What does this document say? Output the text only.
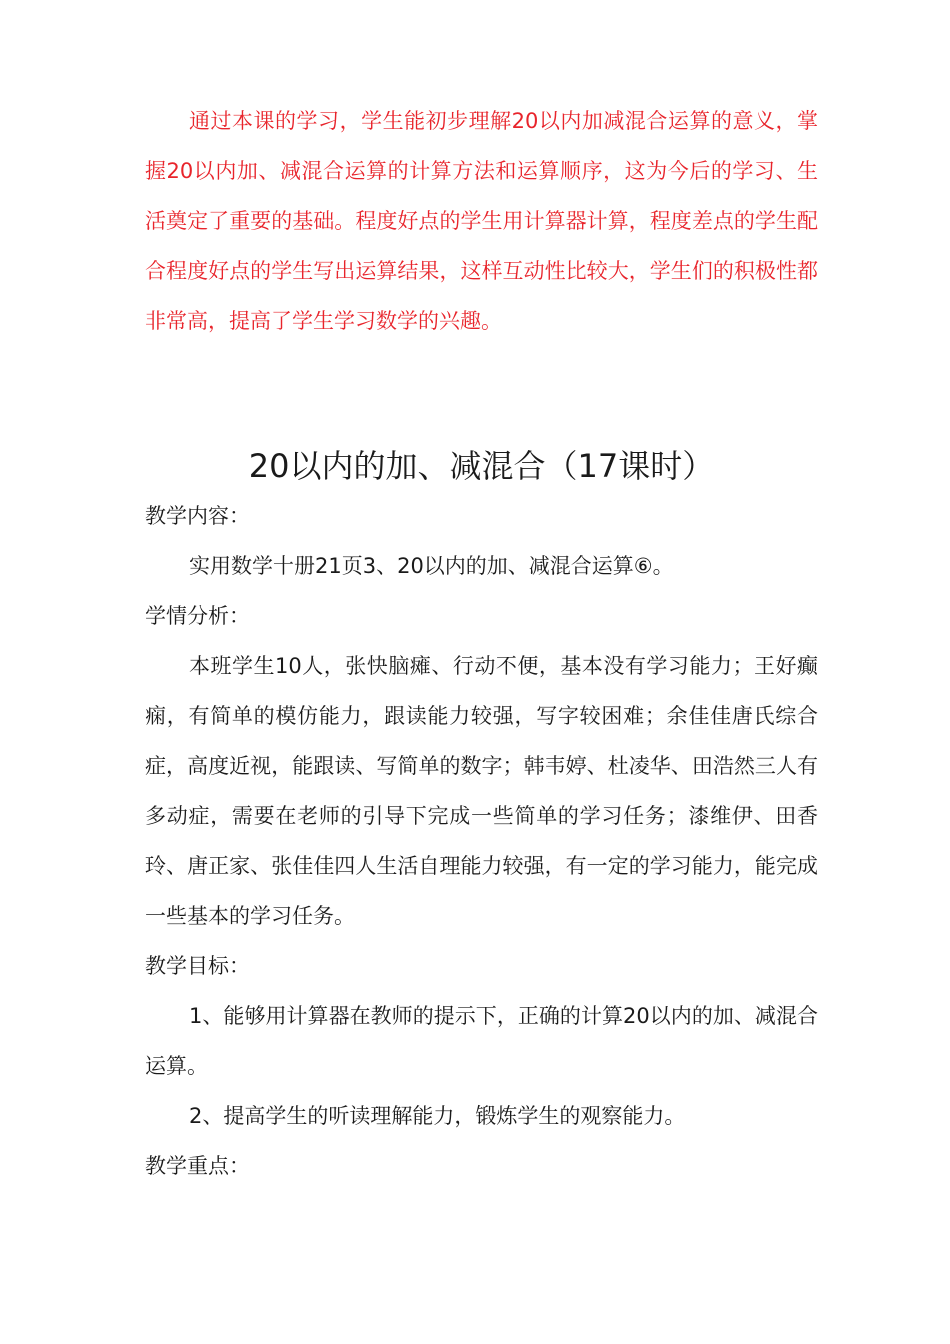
通过本课的学习，学生能初步理解20以内加减混合运算的意义，掌握20以内加、减混合运算的计算方法和运算顺序，这为今后的学习、生活奠定了重要的基础。程度好点的学生用计算器计算，程度差点的学生配合程度好点的学生写出运算结果，这样互动性比较大，学生们的积极性都非常高，提高了学生学习数学的兴趣。

20以内的加、减混合（17课时）

教学内容：

实用数学十册21页3、20以内的加、减混合运算⑥。

学情分析：

本班学生10人，张快脑瘫、行动不便，基本没有学习能力；王好癫痫，有简单的模仿能力，跟读能力较强，写字较困难；余佳佳唐氏综合症，高度近视，能跟读、写简单的数字；韩韦婷、杜凌华、田浩然三人有多动症，需要在老师的引导下完成一些简单的学习任务；漆维伊、田香玲、唐正家、张佳佳四人生活自理能力较强，有一定的学习能力，能完成一些基本的学习任务。

教学目标：

1、能够用计算器在教师的提示下，正确的计算20以内的加、减混合运算。

2、提高学生的听读理解能力，锻炼学生的观察能力。

教学重点：
